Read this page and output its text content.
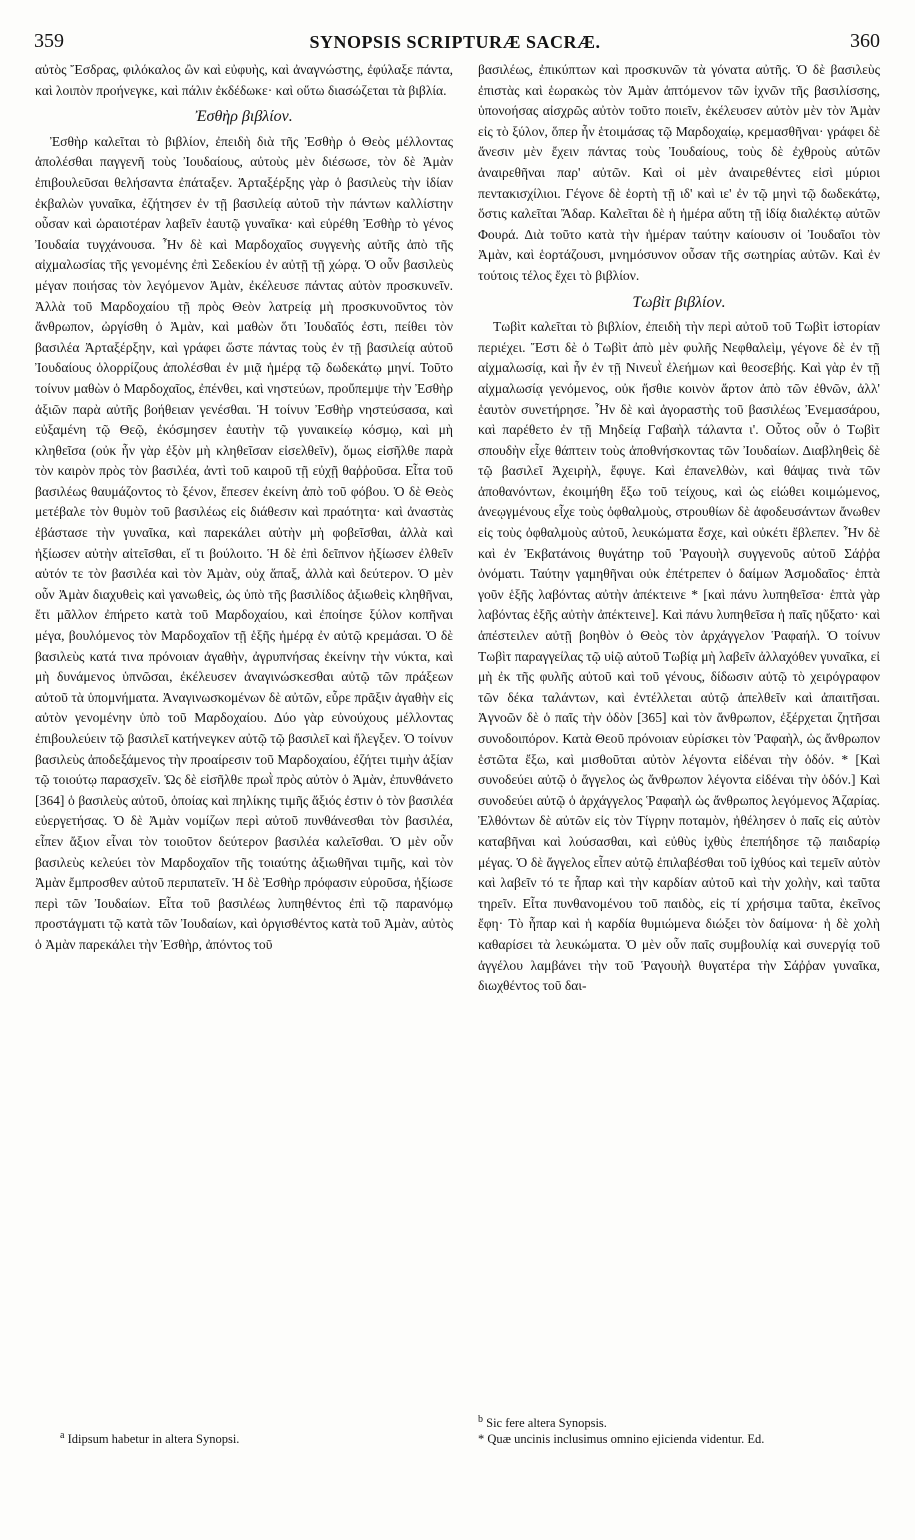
359	SYNOPSIS SCRIPTURÆ SACRÆ.	360

αὐτὸς Ἔσδρας, φιλόκαλος ὢν καὶ εὐφυὴς, καὶ ἀναγνώστης, ἐφύλαξε πάντα, καὶ λοιπὸν προήνεγκε, καὶ πάλιν ἐκδέδωκε· καὶ οὕτω διασώζεται τὰ βιβλία.

Ἐσθὴρ βιβλίον.

Ἐσθὴρ καλεῖται τὸ βιβλίον, ἐπειδὴ διὰ τῆς Ἐσθὴρ ὁ Θεὸς μέλλοντας ἀπολέσθαι παγγενῆ τοὺς Ἰουδαίους, αὐτοὺς μὲν διέσωσε, τὸν δὲ Ἀμὰν ἐπιβουλεῦσαι θελήσαντα ἐπάταξεν. Ἀρταξέρξης γὰρ ὁ βασιλεὺς τὴν ἰδίαν ἐκβαλὼν γυναῖκα, ἐζήτησεν ἐν τῇ βασιλείᾳ αὐτοῦ τὴν πάντων καλλίστην οὖσαν καὶ ὡραιοτέραν λαβεῖν ἑαυτῷ γυναῖκα· καὶ εὑρέθη Ἐσθὴρ τὸ γένος Ἰουδαία τυγχάνουσα. Ἦν δὲ καὶ Μαρδοχαῖος συγγενὴς αὐτῆς ἀπὸ τῆς αἰχμαλωσίας τῆς γενομένης ἐπὶ Σεδεκίου ἐν αὐτῇ τῇ χώρᾳ. Ὁ οὖν βασιλεὺς μέγαν ποιήσας τὸν λεγόμενον Ἀμὰν, ἐκέλευσε πάντας αὐτὸν προσκυνεῖν. Ἀλλὰ τοῦ Μαρδοχαίου τῇ πρὸς Θεὸν λατρείᾳ μὴ προσκυνοῦντος τὸν ἄνθρωπον, ὠργίσθη ὁ Ἀμὰν, καὶ μαθὼν ὅτι Ἰουδαῖός ἐστι, πείθει τὸν βασιλέα Ἀρταξέρξην, καὶ γράφει ὥστε πάντας τοὺς ἐν τῇ βασιλείᾳ αὐτοῦ Ἰουδαίους ὁλορρίζους ἀπολέσθαι ἐν μιᾷ ἡμέρᾳ τῷ δωδεκάτῳ μηνί. Τοῦτο τοίνυν μαθὼν ὁ Μαρδοχαῖος, ἐπένθει, καὶ νηστεύων, προὔπεμψε τὴν Ἐσθὴρ ἀξιῶν παρὰ αὐτῆς βοήθειαν γενέσθαι. Ἡ τοίνυν Ἐσθὴρ νηστεύσασα, καὶ εὐξαμένη τῷ Θεῷ, ἐκόσμησεν ἑαυτὴν τῷ γυναικείῳ κόσμῳ, καὶ μὴ κληθεῖσα (οὐκ ἦν γὰρ ἐξὸν μὴ κληθεῖσαν εἰσελθεῖν), ὅμως εἰσῆλθε παρὰ τὸν καιρὸν πρὸς τὸν βασιλέα, ἀντὶ τοῦ καιροῦ τῇ εὐχῇ θαῤῥοῦσα. Εἶτα τοῦ βασιλέως θαυμάζοντος τὸ ξένον, ἔπεσεν ἐκείνη ἀπὸ τοῦ φόβου. Ὁ δὲ Θεὸς μετέβαλε τὸν θυμὸν τοῦ βασιλέως εἰς διάθεσιν καὶ πραότητα· καὶ ἀναστὰς ἐβάστασε τὴν γυναῖκα, καὶ παρεκάλει αὐτὴν μὴ φοβεῖσθαι, ἀλλὰ καὶ ἠξίωσεν αὐτὴν αἰτεῖσθαι, εἴ τι βούλοιτο. Ἡ δὲ ἐπὶ δεῖπνον ἠξίωσεν ἐλθεῖν αὐτόν τε τὸν βασιλέα καὶ τὸν Ἀμὰν, οὐχ ἅπαξ, ἀλλὰ καὶ δεύτερον. Ὁ μὲν οὖν Ἀμὰν διαχυθεὶς καὶ γανωθεὶς, ὡς ὑπὸ τῆς βασιλίδος ἀξιωθεὶς κληθῆναι, ἔτι μᾶλλον ἐπήρετο κατὰ τοῦ Μαρδοχαίου, καὶ ἐποίησε ξύλον κοπῆναι μέγα, βουλόμενος τὸν Μαρδοχαῖον τῇ ἑξῆς ἡμέρᾳ ἐν αὐτῷ κρεμάσαι. Ὁ δὲ βασιλεὺς κατά τινα πρόνοιαν ἀγαθὴν, ἀγρυπνήσας ἐκείνην τὴν νύκτα, καὶ μὴ δυνάμενος ὑπνῶσαι, ἐκέλευσεν ἀναγινώσκεσθαι αὐτῷ τῶν πράξεων αὐτοῦ τὰ ὑπομνήματα. Ἀναγινωσκομένων δὲ αὐτῶν, εὗρε πρᾶξιν ἀγαθὴν εἰς αὐτὸν γενομένην ὑπὸ τοῦ Μαρδοχαίου. Δύο γὰρ εὐνούχους μέλλοντας ἐπιβουλεύειν τῷ βασιλεῖ κατήνεγκεν αὐτῷ τῷ βασιλεῖ καὶ ἤλεγξεν. Ὁ τοίνυν βασιλεὺς ἀποδεξάμενος τὴν προαίρεσιν τοῦ Μαρδοχαίου, ἐζήτει τιμὴν ἀξίαν τῷ τοιούτῳ παρασχεῖν. Ὡς δὲ εἰσῆλθε πρωῒ πρὸς αὐτὸν ὁ Ἀμὰν, ἐπυνθάνετο [364] ὁ βασιλεὺς αὐτοῦ, ὁποίας καὶ πηλίκης τιμῆς ἄξιός ἐστιν ὁ τὸν βασιλέα εὐεργετήσας. Ὁ δὲ Ἀμὰν νομίζων περὶ αὐτοῦ πυνθάνεσθαι τὸν βασιλέα, εἶπεν ἄξιον εἶναι τὸν τοιοῦτον δεύτερον βασιλέα καλεῖσθαι. Ὁ μὲν οὖν βασιλεὺς κελεύει τὸν Μαρδοχαῖον τῆς τοιαύτης ἀξιωθῆναι τιμῆς, καὶ τὸν Ἀμὰν ἔμπροσθεν αὐτοῦ περιπατεῖν. Ἡ δὲ Ἐσθὴρ πρόφασιν εὑροῦσα, ἠξίωσε περὶ τῶν Ἰουδαίων. Εἶτα τοῦ βασιλέως λυπηθέντος ἐπὶ τῷ παρανόμῳ προστάγματι τῷ κατὰ τῶν Ἰουδαίων, καὶ ὀργισθέντος κατὰ τοῦ Ἀμὰν, αὐτὸς ὁ Ἀμὰν παρεκάλει τὴν Ἐσθὴρ, ἀπόντος τοῦ

βασιλέως, ἐπικύπτων καὶ προσκυνῶν τὰ γόνατα αὐτῆς. Ὁ δὲ βασιλεὺς ἐπιστὰς καὶ ἑωρακὼς τὸν Ἀμὰν ἁπτόμενον τῶν ἰχνῶν τῆς βασιλίσσης, ὑπονοήσας αἰσχρῶς αὐτὸν τοῦτο ποιεῖν, ἐκέλευσεν αὐτὸν μὲν τὸν Ἀμὰν εἰς τὸ ξύλον, ὅπερ ἦν ἑτοιμάσας τῷ Μαρδοχαίῳ, κρεμασθῆναι· γράφει δὲ ἄνεσιν μὲν ἔχειν πάντας τοὺς Ἰουδαίους, τοὺς δὲ ἐχθροὺς αὐτῶν ἀναιρεθῆναι παρ' αὐτῶν. Καὶ οἱ μὲν ἀναιρεθέντες εἰσὶ μύριοι πεντακισχίλιοι. Γέγονε δὲ ἑορτὴ τῇ ιδ' καὶ ιε' ἐν τῷ μηνὶ τῷ δωδεκάτῳ, ὅστις καλεῖται Ἄδαρ. Καλεῖται δὲ ἡ ἡμέρα αὕτη τῇ ἰδίᾳ διαλέκτῳ αὐτῶν Φουρά. Διὰ τοῦτο κατὰ τὴν ἡμέραν ταύτην καίουσιν οἱ Ἰουδαῖοι τὸν Ἀμὰν, καὶ ἑορτάζουσι, μνημόσυνον οὖσαν τῆς σωτηρίας αὐτῶν. Καὶ ἐν τούτοις τέλος ἔχει τὸ βιβλίον.

Τωβὶτ βιβλίον.

Τωβὶτ καλεῖται τὸ βιβλίον, ἐπειδὴ τὴν περὶ αὐτοῦ τοῦ Τωβὶτ ἱστορίαν περιέχει. Ἔστι δὲ ὁ Τωβὶτ ἀπὸ μὲν φυλῆς Νεφθαλεὶμ, γέγονε δὲ ἐν τῇ αἰχμαλωσίᾳ, καὶ ἦν ἐν τῇ Νινευῒ ἐλεήμων καὶ θεοσεβής. Καὶ γὰρ ἐν τῇ αἰχμαλωσίᾳ γενόμενος, οὐκ ἤσθιε κοινὸν ἄρτον ἀπὸ τῶν ἐθνῶν, ἀλλ' ἑαυτὸν συνετήρησε. Ἦν δὲ καὶ ἀγοραστὴς τοῦ βασιλέως Ἐνεμασάρου, καὶ παρέθετο ἐν τῇ Μηδείᾳ Γαβαὴλ τάλαντα ι'. Οὗτος οὖν ὁ Τωβὶτ σπουδὴν εἶχε θάπτειν τοὺς ἀποθνήσκοντας τῶν Ἰουδαίων. Διαβληθεὶς δὲ τῷ βασιλεῖ Ἀχειρὴλ, ἔφυγε. Καὶ ἐπανελθὼν, καὶ θάψας τινὰ τῶν ἀποθανόντων, ἐκοιμήθη ἔξω τοῦ τείχους, καὶ ὡς εἰώθει κοιμώμενος, ἀνεῳγμένους εἶχε τοὺς ὀφθαλμοὺς, στρουθίων δὲ ἀφοδευσάντων ἄνωθεν εἰς τοὺς ὀφθαλμοὺς αὐτοῦ, λευκώματα ἔσχε, καὶ οὐκέτι ἔβλεπεν. Ἦν δὲ καὶ ἐν Ἐκβατάνοις θυγάτηρ τοῦ Ῥαγουὴλ συγγενοῦς αὐτοῦ Σάῤῥα ὀνόματι. Ταύτην γαμηθῆναι οὐκ ἐπέτρεπεν ὁ δαίμων Ἀσμοδαῖος· ἑπτὰ γοῦν ἑξῆς λαβόντας αὐτὴν ἀπέκτεινε * [καὶ πάνυ λυπηθεῖσα· ἑπτὰ γὰρ λαβόντας ἑξῆς αὐτὴν ἀπέκτεινε]. Καὶ πάνυ λυπηθεῖσα ἡ παῖς ηὔξατο· καὶ ἀπέστειλεν αὐτῇ βοηθὸν ὁ Θεὸς τὸν ἀρχάγγελον Ῥαφαήλ. Ὁ τοίνυν Τωβὶτ παραγγείλας τῷ υἱῷ αὐτοῦ Τωβίᾳ μὴ λαβεῖν ἀλλαχόθεν γυναῖκα, εἰ μὴ ἐκ τῆς φυλῆς αὐτοῦ καὶ τοῦ γένους, δίδωσιν αὐτῷ τὸ χειρόγραφον τῶν δέκα ταλάντων, καὶ ἐντέλλεται αὐτῷ ἀπελθεῖν καὶ ἀπαιτῆσαι. Ἀγνοῶν δὲ ὁ παῖς τὴν ὁδὸν [365] καὶ τὸν ἄνθρωπον, ἐξέρχεται ζητῆσαι συνοδοιπόρον. Κατὰ Θεοῦ πρόνοιαν εὑρίσκει τὸν Ῥαφαὴλ, ὡς ἄνθρωπον ἑστῶτα ἔξω, καὶ μισθοῦται αὐτὸν λέγοντα εἰδέναι τὴν ὁδόν. * [Καὶ συνοδεύει αὐτῷ ὁ ἄγγελος ὡς ἄνθρωπον λέγοντα εἰδέναι τὴν ὁδόν.] Καὶ συνοδεύει αὐτῷ ὁ ἀρχάγγελος Ῥαφαὴλ ὡς ἄνθρωπος λεγόμενος Ἀζαρίας. Ἐλθόντων δὲ αὐτῶν εἰς τὸν Τίγρην ποταμὸν, ἠθέλησεν ὁ παῖς εἰς αὐτὸν καταβῆναι καὶ λούσασθαι, καὶ εὐθὺς ἰχθὺς ἐπεπήδησε τῷ παιδαρίῳ μέγας. Ὁ δὲ ἄγγελος εἶπεν αὐτῷ ἐπιλαβέσθαι τοῦ ἰχθύος καὶ τεμεῖν αὐτὸν καὶ λαβεῖν τό τε ἧπαρ καὶ τὴν καρδίαν αὐτοῦ καὶ τὴν χολὴν, καὶ ταῦτα τηρεῖν. Εἶτα πυνθανομένου τοῦ παιδὸς, εἰς τί χρήσιμα ταῦτα, ἐκεῖνος ἔφη· Τὸ ἧπαρ καὶ ἡ καρδία θυμιώμενα διώξει τὸν δαίμονα· ἡ δὲ χολὴ καθαρίσει τὰ λευκώματα. Ὁ μὲν οὖν παῖς συμβουλίᾳ καὶ συνεργίᾳ τοῦ ἀγγέλου λαμβάνει τὴν τοῦ Ῥαγουὴλ θυγατέρα τὴν Σάῤῥαν γυναῖκα, διωχθέντος τοῦ δαι-

$^a$ Idipsum habetur in altera Synopsi.
$^b$ Sic fere altera Synopsis.
* Quæ uncinis inclusimus omnino ejicienda videntur. Ed.
